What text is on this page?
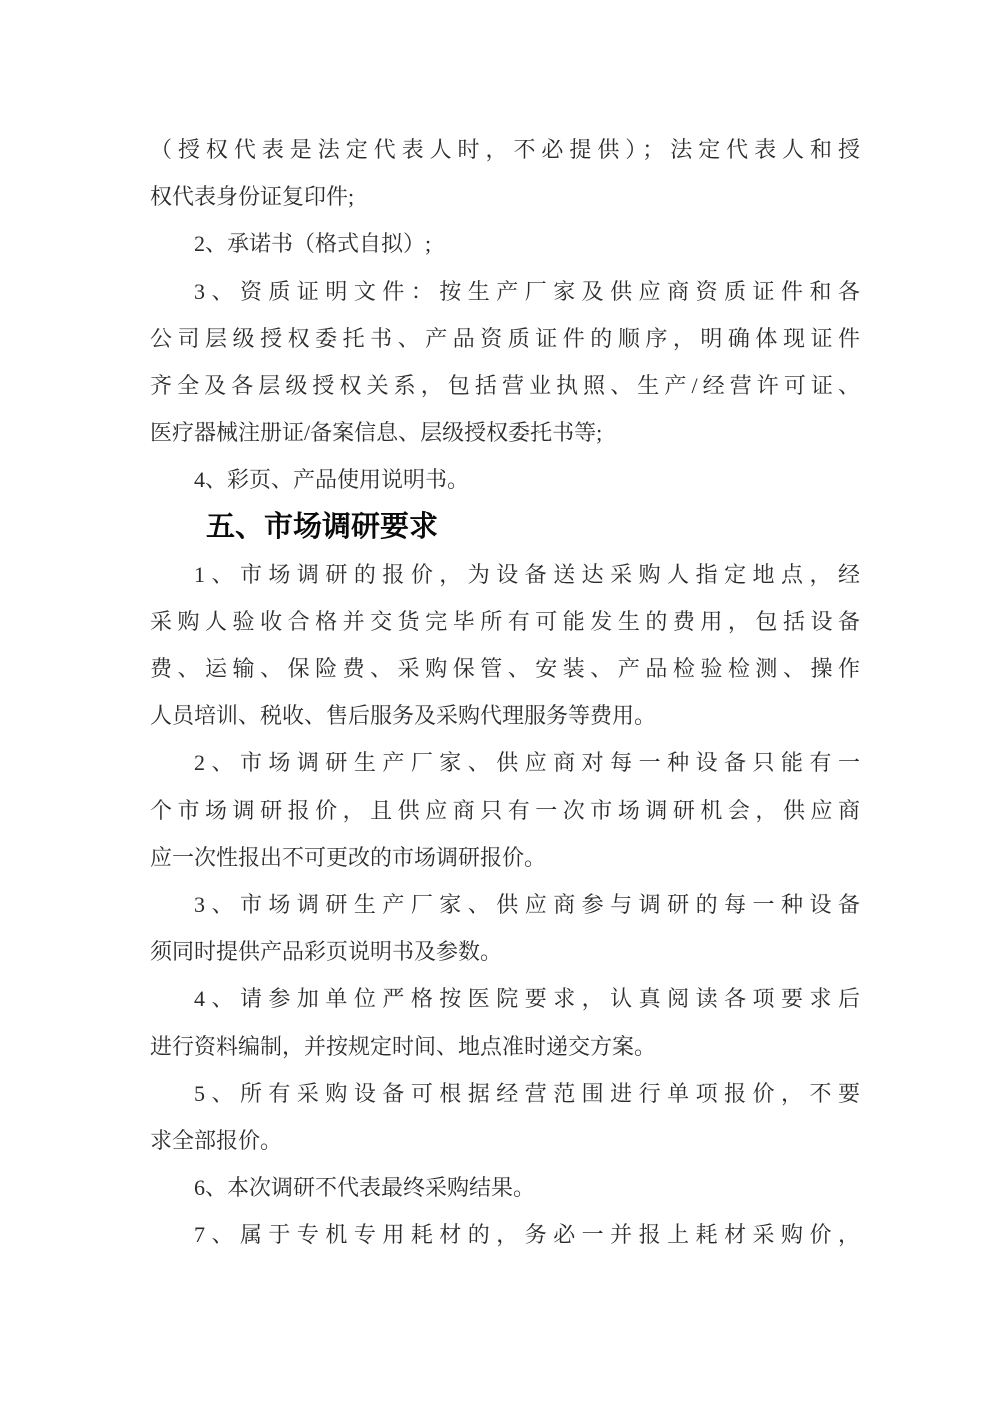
（授权代表是法定代表人时，不必提供）；法定代表人和授
权代表身份证复印件;
2、承诺书（格式自拟）;
3、资质证明文件：按生产厂家及供应商资质证件和各
公司层级授权委托书、产品资质证件的顺序，明确体现证件
齐全及各层级授权关系，包括营业执照、生产/经营许可证、
医疗器械注册证/备案信息、层级授权委托书等;
4、彩页、产品使用说明书。
五、市场调研要求
1、市场调研的报价，为设备送达采购人指定地点，经
采购人验收合格并交货完毕所有可能发生的费用，包括设备
费、运输、保险费、采购保管、安装、产品检验检测、操作
人员培训、税收、售后服务及采购代理服务等费用。
2、市场调研生产厂家、供应商对每一种设备只能有一
个市场调研报价，且供应商只有一次市场调研机会，供应商
应一次性报出不可更改的市场调研报价。
3、市场调研生产厂家、供应商参与调研的每一种设备
须同时提供产品彩页说明书及参数。
4、请参加单位严格按医院要求，认真阅读各项要求后
进行资料编制，并按规定时间、地点准时递交方案。
5、所有采购设备可根据经营范围进行单项报价，不要
求全部报价。
6、本次调研不代表最终采购结果。
7、属于专机专用耗材的，务必一并报上耗材采购价，
